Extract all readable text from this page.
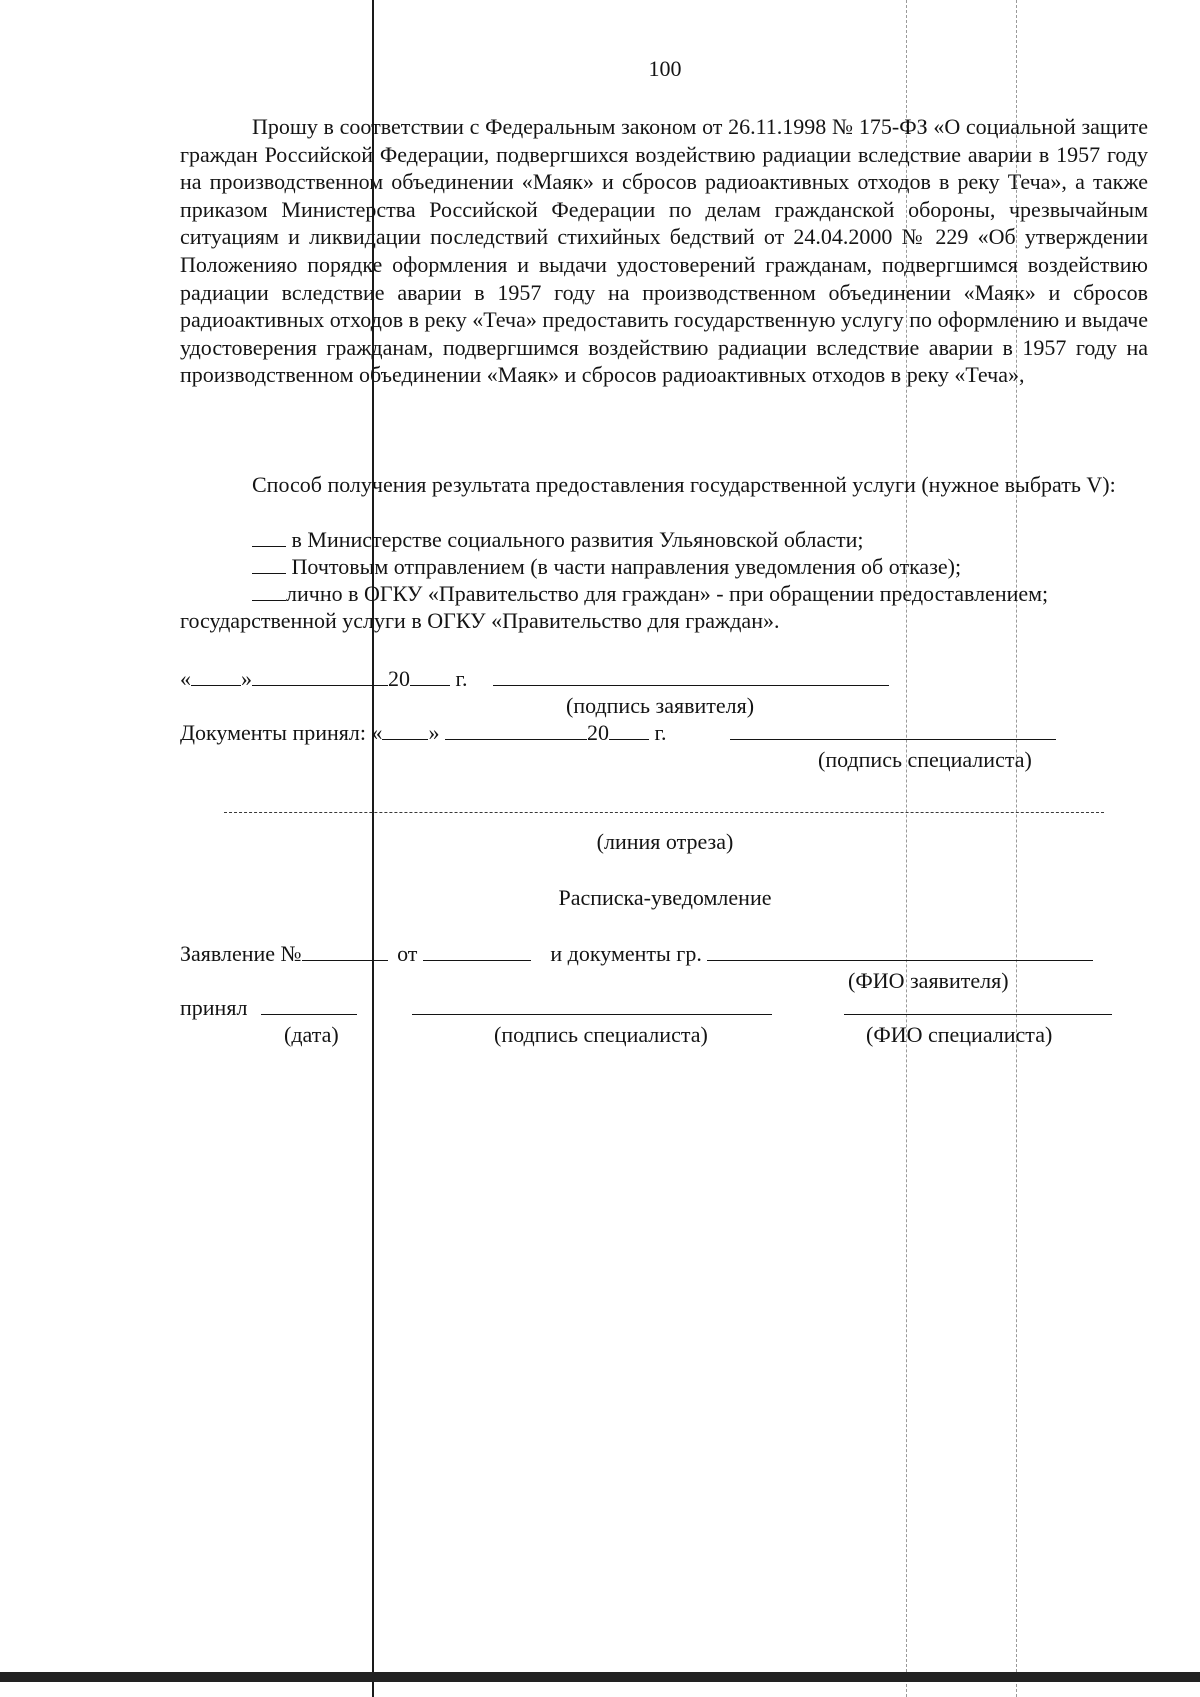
100
Прошу в соответствии с Федеральным законом от 26.11.1998 № 175-ФЗ «О социальной защите граждан Российской Федерации, подвергшихся воздействию радиации вследствие аварии в 1957 году на производственном объединении «Маяк» и сбросов радиоактивных отходов в реку Теча», а также приказом Министерства Российской Федерации по делам гражданской обороны, чрезвычайным ситуациям и ликвидации последствий стихийных бедствий от 24.04.2000 № 229 «Об утверждении Положенияо порядке оформления и выдачи удостоверений гражданам, подвергшимся воздействию радиации вследствие аварии в 1957 году на производственном объединении «Маяк» и сбросов радиоактивных отходов в реку «Теча» предоставить государственную услугу по оформлению и выдаче удостоверения гражданам, подвергшимся воздействию радиации вследствие аварии в 1957 году на производственном объединении «Маяк» и сбросов радиоактивных отходов в реку «Теча»,
Способ получения результата предоставления государственной услуги (нужное выбрать V):
в Министерстве социального развития Ульяновской области;
Почтовым отправлением (в части направления уведомления об отказе);
лично в ОГКУ «Правительство для граждан» - при обращении предоставлением;
государственной услуги в ОГКУ «Правительство для граждан».
« »	20 г.
(подпись заявителя)
Документы принял: « »	20 г.
(подпись специалиста)
(линия отреза)
Расписка-уведомление
Заявление №	от	и документы гр.
(ФИО заявителя)
принял
(дата)	(подпись специалиста)	(ФИО специалиста)
